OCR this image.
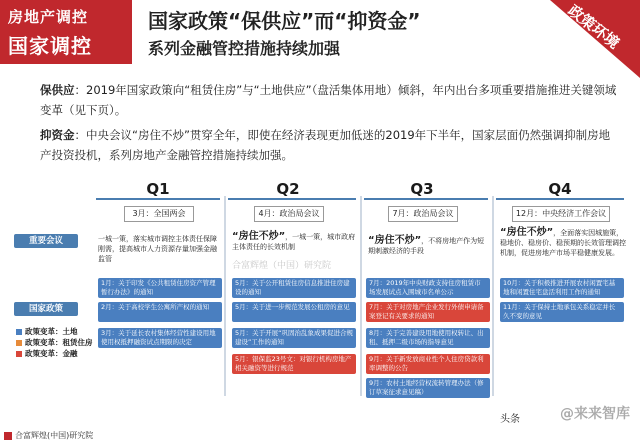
房地产调控
国家调控
国家政策“保供应”而“抑资金”
系列金融管控措施持续加强	政策环境
保供应：2019年国家政策向“租赁住房”与“土地供应”（盘活集体用地）倾斜，年内出台多项重要措施推进关键领域变革（见下页）。
抑资金：中央会议“房住不炒”贯穿全年，即使在经济表现更加低迷的2019年下半年，国家层面仍然强调抑制房地产投资投机，系列房地产金融管控措施持续加强。
Q1	Q2	Q3	Q4
3月：全国两会	4月：政治局会议	7月：政治局会议	12月：中央经济工作会议
重要会议
国家政策
政策变革：土地
政策变革：租赁住房
政策变革：金融
一城一策，落实城市调控主体责任保障刚需，提高城市人力资源存量加强金融监管
“房住不炒”，一城一策，城市政府主体责任的长效机制
“房住不炒”，不将房地产作为短期刺激经济的手段
“房住不炒”，全面落实因城施策，稳地价、稳房价、稳预期的长效管理调控机制，促进房地产市场平稳健康发展。
合富辉煌（中国）研究院
1月：关于印发《公共租赁住房资产管理暂行办法》的通知
2月：关于高校学生公寓所产权的通知
3月：关于延长农村集体经营性建设用地使用权抵押融资试点期限的决定
5月：关于公开租赁住房信息推进住房建设的通知
5月：关于进一步规范发展公租房的意见
5月：关于开展“巩固治乱象成果促进合规建设”工作的通知
5月：银保监23号文：对银行机构房地产相关融资等进行规范
7月：2019年中央财政支持住房租赁市场发展试点入围城市名单公示
7月：关于对房地产企业发行外债申请备案登记有关要求的通知
8月：关于完善建设用地使用权转让、出租、抵押二级市场的指导意见
9月：关于新发放商业性个人住房贷款利率调整的公告
9月：农村土地经营权流转管理办法（修订草案征求意见稿）
10月：关于积极推进开展农村闲置宅基地和闲置住宅盘活利用工作的通知
11月：关于保持土地承包关系稳定并长久不变的意见
合富辉煌(中国)研究院
@来来智库
头条
